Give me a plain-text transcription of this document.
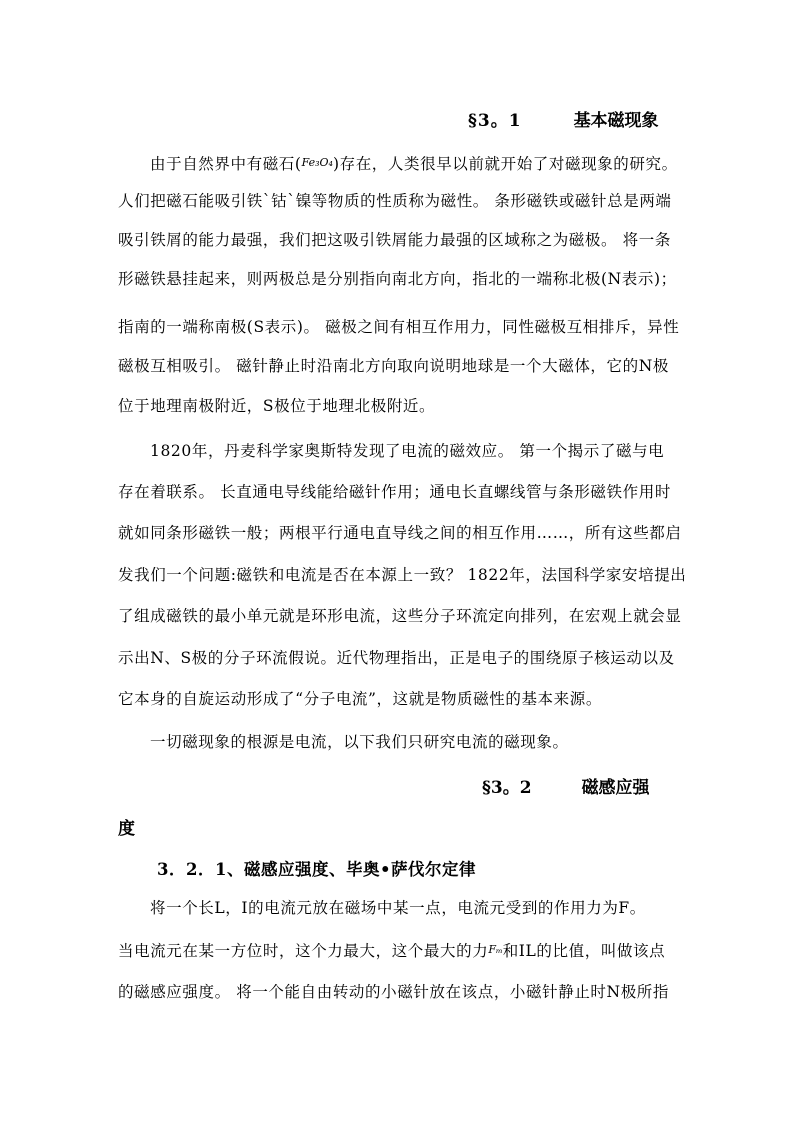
§3。1	基本磁现象
由于自然界中有磁石(Fe₃O₄)存在，人类很早以前就开始了对磁现象的研究。
人们把磁石能吸引铁`钴`镍等物质的性质称为磁性。 条形磁铁或磁针总是两端
吸引铁屑的能力最强，我们把这吸引铁屑能力最强的区域称之为磁极。 将一条
形磁铁悬挂起来，则两极总是分别指向南北方向，指北的一端称北极(N表示)；
指南的一端称南极(S表示)。 磁极之间有相互作用力，同性磁极互相排斥，异性
磁极互相吸引。 磁针静止时沿南北方向取向说明地球是一个大磁体，它的N极
位于地理南极附近，S极位于地理北极附近。
1820年，丹麦科学家奥斯特发现了电流的磁效应。 第一个揭示了磁与电
存在着联系。 长直通电导线能给磁针作用；通电长直螺线管与条形磁铁作用时
就如同条形磁铁一般；两根平行通电直导线之间的相互作用……，所有这些都启
发我们一个问题:磁铁和电流是否在本源上一致？ 1822年，法国科学家安培提出
了组成磁铁的最小单元就是环形电流，这些分子环流定向排列，在宏观上就会显
示出N、S极的分子环流假说。近代物理指出，正是电子的围绕原子核运动以及
它本身的自旋运动形成了“分子电流”，这就是物质磁性的基本来源。
一切磁现象的根源是电流，以下我们只研究电流的磁现象。
§3。2	磁感应强
度
3．2．1、磁感应强度、毕奥•萨伐尔定律
将一个长L，I的电流元放在磁场中某一点，电流元受到的作用力为F。
当电流元在某一方位时，这个力最大，这个最大的力Fₘ和IL的比值，叫做该点
的磁感应强度。 将一个能自由转动的小磁针放在该点，小磁针静止时N极所指
